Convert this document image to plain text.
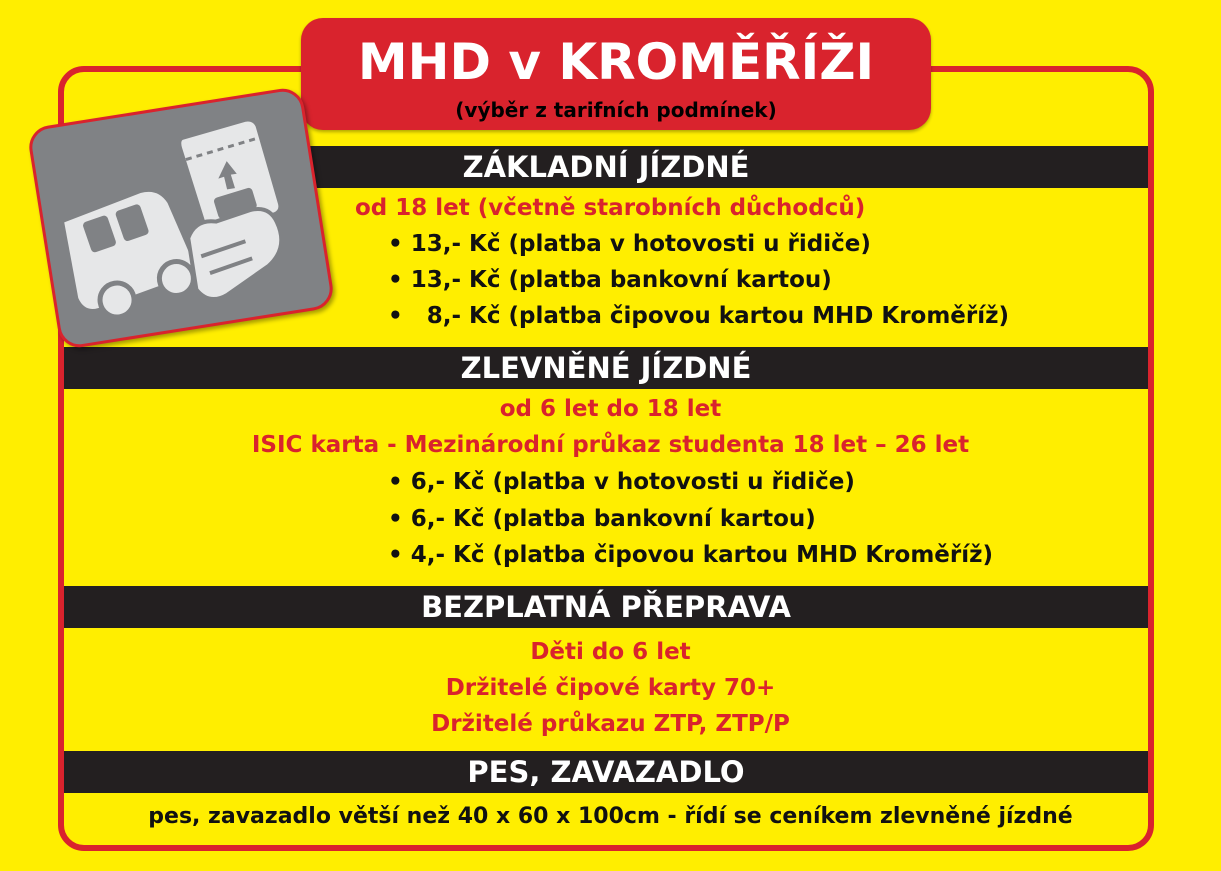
ZÁKLADNÍ JÍZDNÉ
ZLEVNĚNÉ JÍZDNÉ
BEZPLATNÁ PŘEPRAVA
PES, ZAVAZADLO
MHD v KROMĚŘÍŽI
(výběr z tarifních podmínek)
od 18 let (včetně starobních důchodců)
• 13,- Kč (platba v hotovosti u řidiče)
• 13,- Kč (platba bankovní kartou)
•   8,- Kč (platba čipovou kartou MHD Kroměříž)
od 6 let do 18 let
ISIC karta - Mezinárodní průkaz studenta 18 let – 26 let
• 6,- Kč (platba v hotovosti u řidiče)
• 6,- Kč (platba bankovní kartou)
• 4,- Kč (platba čipovou kartou MHD Kroměříž)
Děti do 6 let
Držitelé čipové karty 70+
Držitelé průkazu ZTP, ZTP/P
pes, zavazadlo větší než 40 x 60 x 100cm - řídí se ceníkem zlevněné jízdné
